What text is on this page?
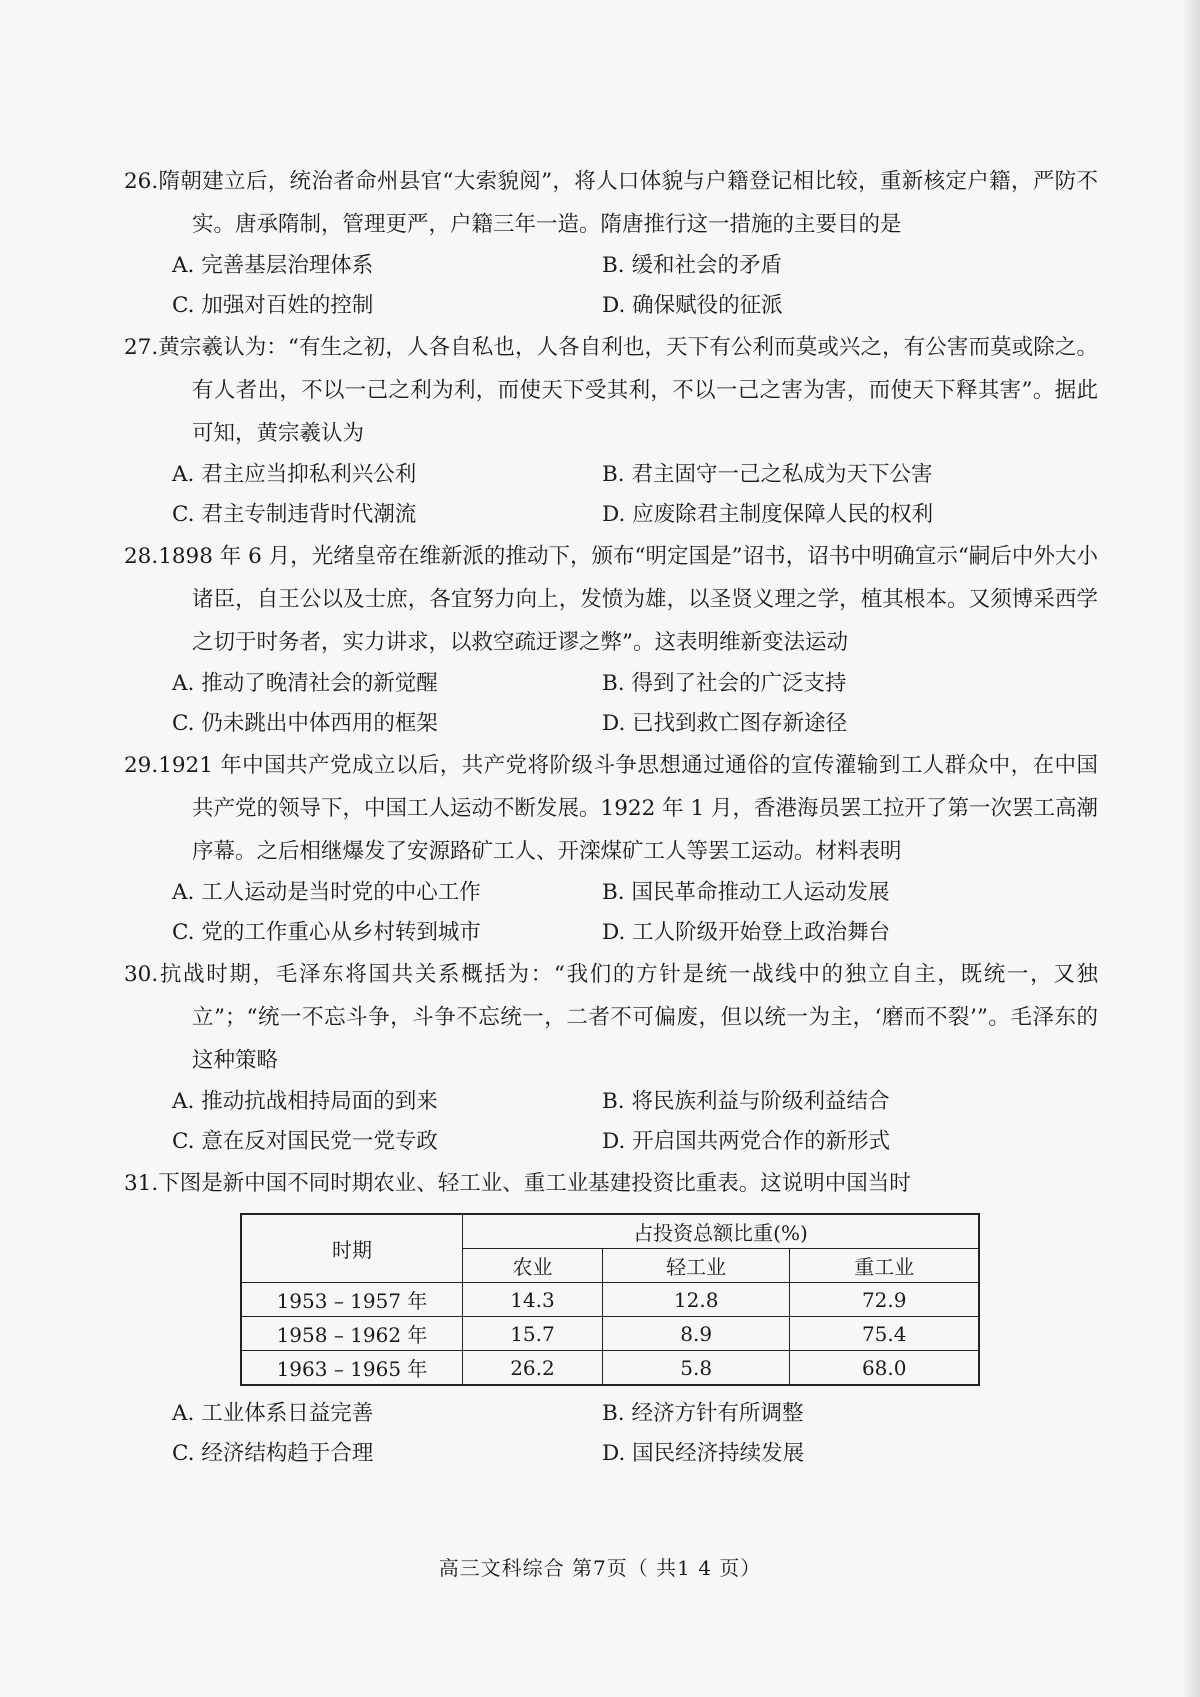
26.隋朝建立后，统治者命州县官“大索貌阅”，将人口体貌与户籍登记相比较，重新核定户籍，严防不实。唐承隋制，管理更严，户籍三年一造。隋唐推行这一措施的主要目的是
A. 完善基层治理体系	B. 缓和社会的矛盾
C. 加强对百姓的控制	D. 确保赋役的征派
27.黄宗羲认为：“有生之初，人各自私也，人各自利也，天下有公利而莫或兴之，有公害而莫或除之。有人者出，不以一己之利为利，而使天下受其利，不以一己之害为害，而使天下释其害”。据此可知，黄宗羲认为
A. 君主应当抑私利兴公利	B. 君主固守一己之私成为天下公害
C. 君主专制违背时代潮流	D. 应废除君主制度保障人民的权利
28.1898 年 6 月，光绪皇帝在维新派的推动下，颁布“明定国是”诏书，诏书中明确宣示“嗣后中外大小诸臣，自王公以及士庶，各宜努力向上，发愤为雄，以圣贤义理之学，植其根本。又须博采西学之切于时务者，实力讲求，以救空疏迂谬之弊”。这表明维新变法运动
A. 推动了晚清社会的新觉醒	B. 得到了社会的广泛支持
C. 仍未跳出中体西用的框架	D. 已找到救亡图存新途径
29.1921 年中国共产党成立以后，共产党将阶级斗争思想通过通俗的宣传灌输到工人群众中，在中国共产党的领导下，中国工人运动不断发展。1922 年 1 月，香港海员罢工拉开了第一次罢工高潮序幕。之后相继爆发了安源路矿工人、开滦煤矿工人等罢工运动。材料表明
A. 工人运动是当时党的中心工作	B. 国民革命推动工人运动发展
C. 党的工作重心从乡村转到城市	D. 工人阶级开始登上政治舞台
30.抗战时期，毛泽东将国共关系概括为：“我们的方针是统一战线中的独立自主，既统一，又独立”；“统一不忘斗争，斗争不忘统一，二者不可偏废，但以统一为主，‘磨而不裂’”。毛泽东的这种策略
A. 推动抗战相持局面的到来	B. 将民族利益与阶级利益结合
C. 意在反对国民党一党专政	D. 开启国共两党合作的新形式
31.下图是新中国不同时期农业、轻工业、重工业基建投资比重表。这说明中国当时
时期	占投资总额比重(%)		
	农业	轻工业	重工业
1953 – 1957 年	14.3	12.8	72.9
1958 – 1962 年	15.7	8.9	75.4
1963 – 1965 年	26.2	5.8	68.0
A. 工业体系日益完善	B. 经济方针有所调整
C. 经济结构趋于合理	D. 国民经济持续发展
高三文科综合 第7页（ 共1 4 页）
